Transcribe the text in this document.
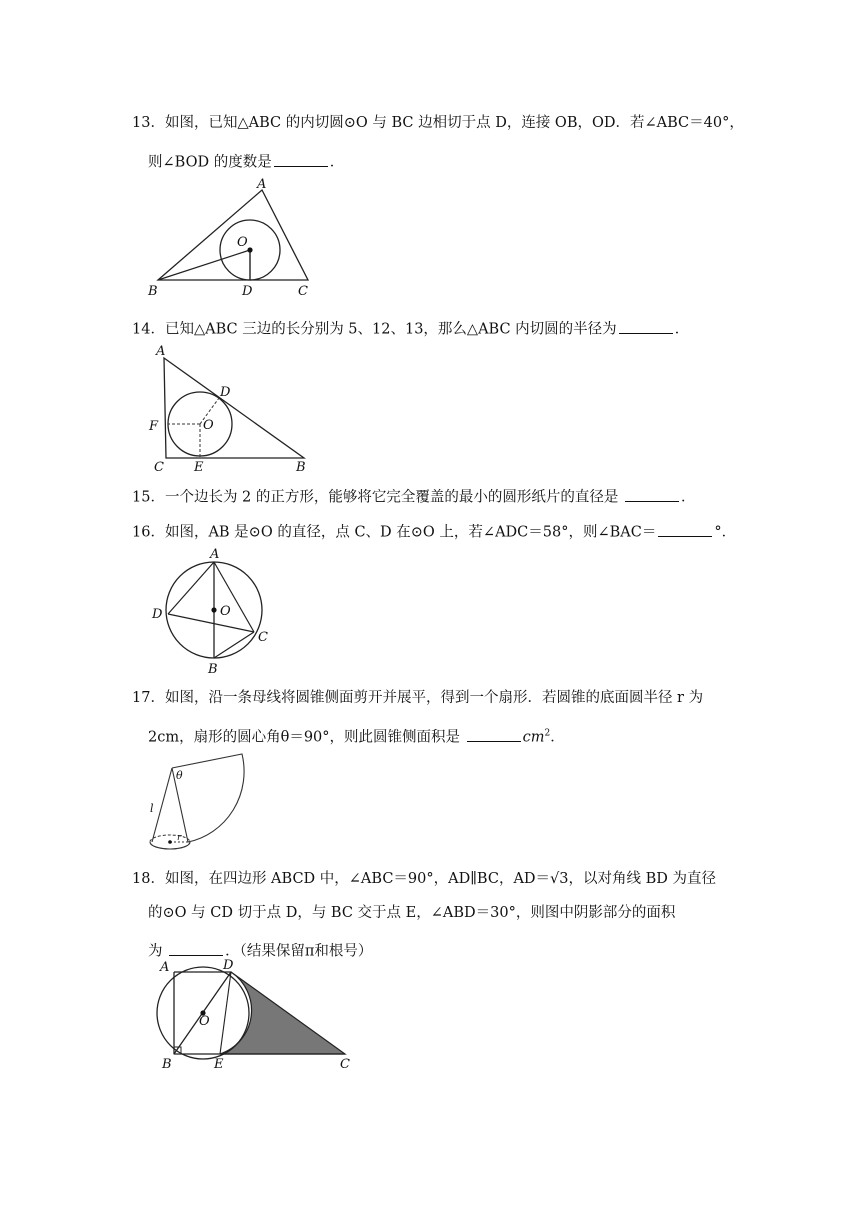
13．如图，已知△ABC 的内切圆⊙O 与 BC 边相切于点 D，连接 OB，OD．若∠ABC＝40°，
则∠BOD 的度数是	．
A
O
B	D	C
14．已知△ABC 三边的长分别为 5、12、13，那么△ABC 内切圆的半径为	．
A
D
F	O
C E	B
15．一个边长为 2 的正方形，能够将它完全覆盖的最小的圆形纸片的直径是	．
16．如图，AB 是⊙O 的直径，点 C、D 在⊙O 上，若∠ADC＝58°，则∠BAC＝	°．
A
D	O
C
B
17．如图，沿一条母线将圆锥侧面剪开并展平，得到一个扇形．若圆锥的底面圆半径 r 为
2cm，扇形的圆心角θ＝90°，则此圆锥侧面积是	$cm^2$．
θ
l
r
18．如图，在四边形 ABCD 中，∠ABC＝90°，AD∥BC，AD＝√3，以对角线 BD 为直径
的⊙O 与 CD 切于点 D，与 BC 交于点 E，∠ABD＝30°，则图中阴影部分的面积
为	．（结果保留π和根号）
A	D
O
B	E	C
